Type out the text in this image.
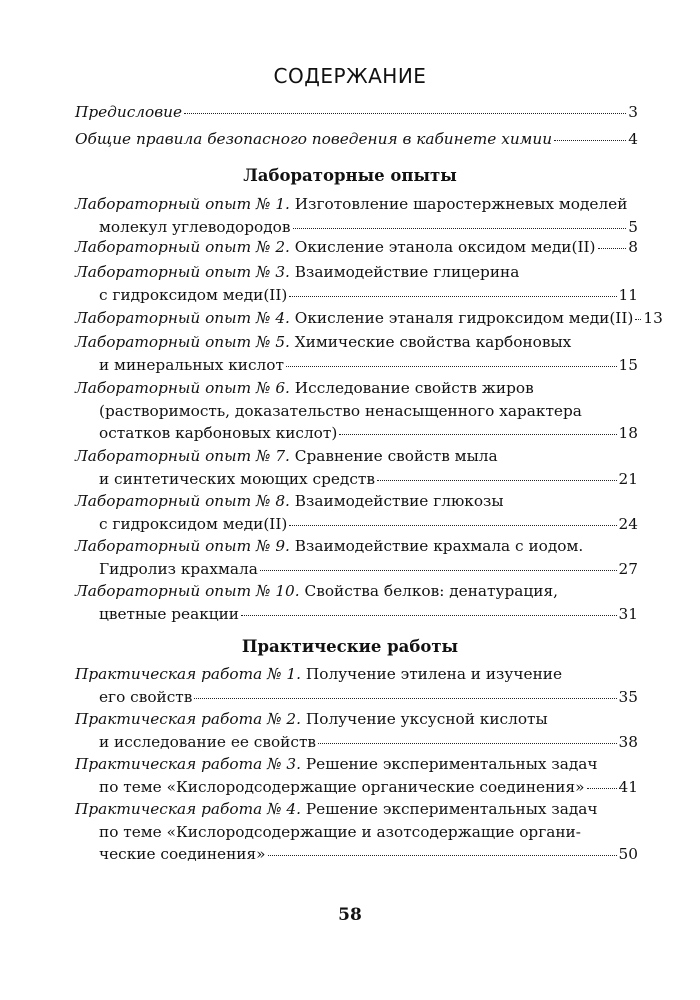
СОДЕРЖАНИЕ
Предисловие	3
Общие правила безопасного поведения в кабинете химии	4
Лабораторные опыты
Лабораторный опыт № 1. Изготовление шаростержневых моделей
молекул углеводородов	5
Лабораторный опыт № 2. Окисление этанола оксидом меди(II) 8
Лабораторный опыт № 3. Взаимодействие глицерина
с гидроксидом меди(II)	11
Лабораторный опыт № 4. Окисление этаналя гидроксидом меди(II) 13
Лабораторный опыт № 5. Химические свойства карбоновых
и минеральных кислот	15
Лабораторный опыт № 6. Исследование свойств жиров
(растворимость, доказательство ненасыщенного характера
остатков карбоновых кислот)	18
Лабораторный опыт № 7. Сравнение свойств мыла
и синтетических моющих средств	21
Лабораторный опыт № 8. Взаимодействие глюкозы
с гидроксидом меди(II)	24
Лабораторный опыт № 9. Взаимодействие крахмала с иодом.
Гидролиз крахмала	27
Лабораторный опыт № 10. Свойства белков: денатурация,
цветные реакции	31
Практические работы
Практическая работа № 1. Получение этилена и изучение
его свойств	35
Практическая работа № 2. Получение уксусной кислоты
и исследование ее свойств	38
Практическая работа № 3. Решение экспериментальных задач
по теме «Кислородсодержащие органические соединения» 41
Практическая работа № 4. Решение экспериментальных задач
по теме «Кислородсодержащие и азотсодержащие органи-
ческие соединения»	50
58
